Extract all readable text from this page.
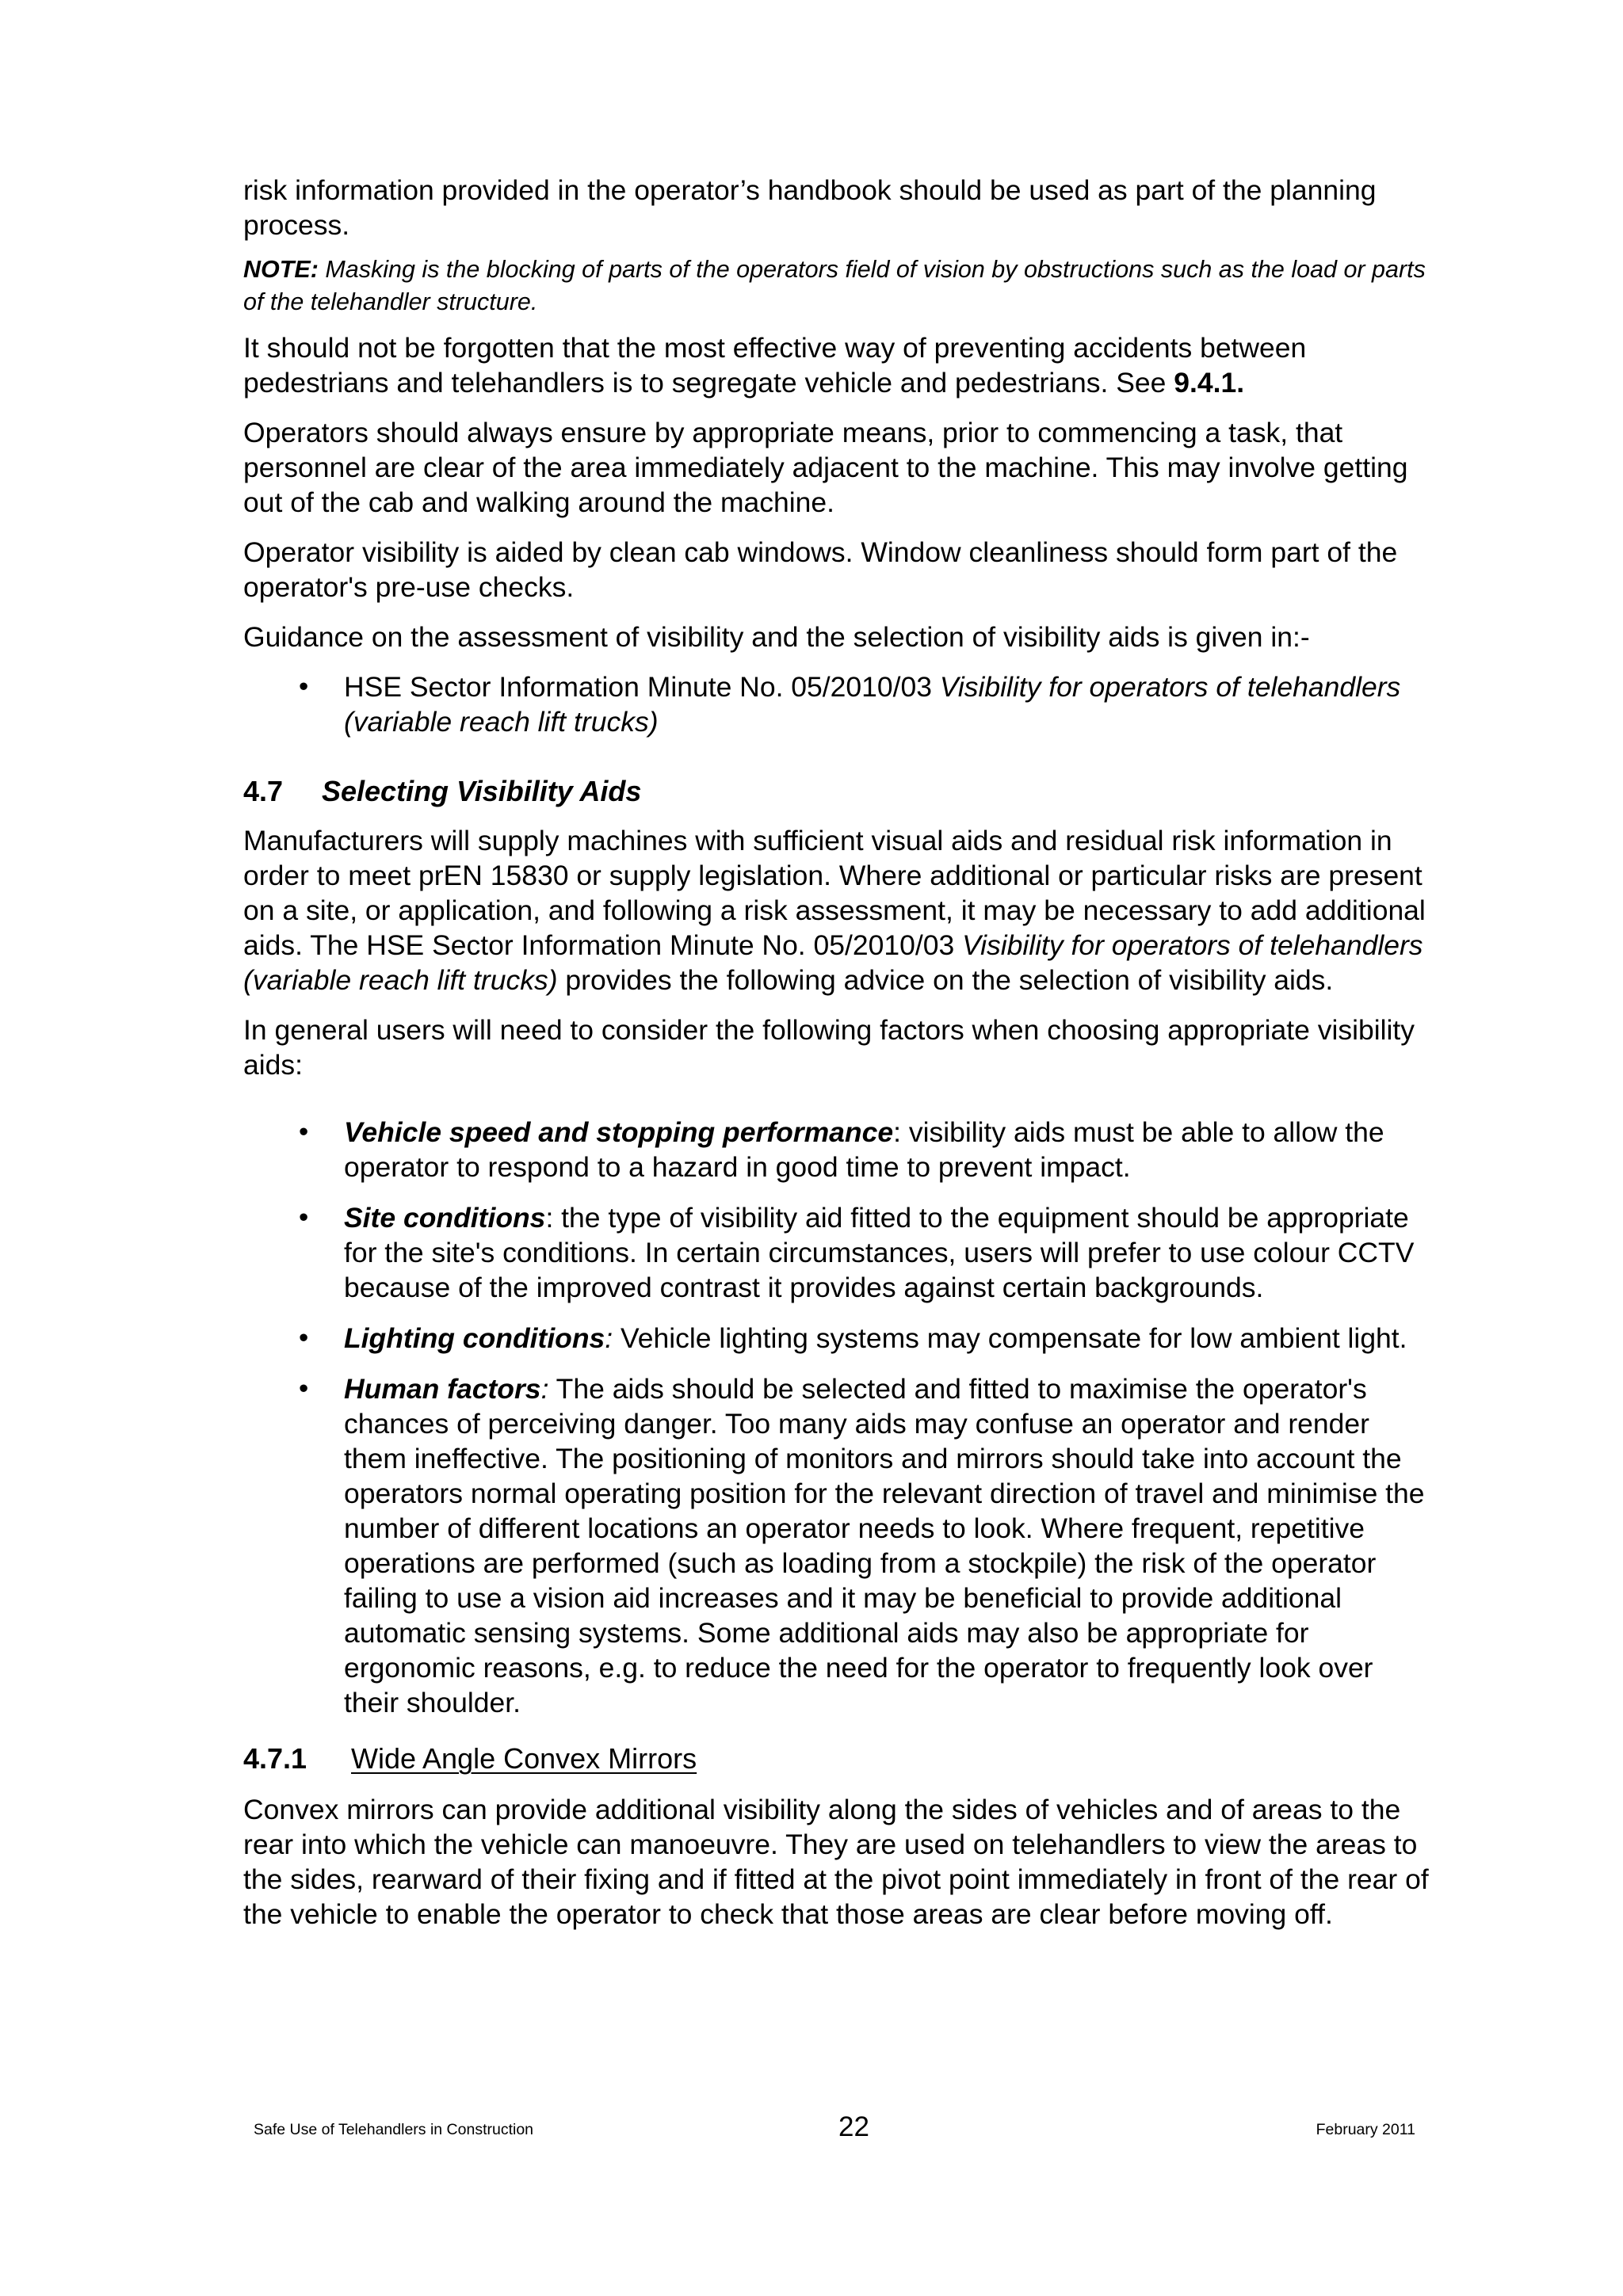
risk information provided in the operator’s handbook should be used as part of the planning process.

NOTE: Masking is the blocking of parts of the operators field of vision by obstructions such as the load or parts of the telehandler structure.

It should not be forgotten that the most effective way of preventing accidents between pedestrians and telehandlers is to segregate vehicle and pedestrians. See 9.4.1.

Operators should always ensure by appropriate means, prior to commencing a task, that personnel are clear of the area immediately adjacent to the machine. This may involve getting out of the cab and walking around the machine.

Operator visibility is aided by clean cab windows. Window cleanliness should form part of the operator's pre-use checks.

Guidance on the assessment of visibility and the selection of visibility aids is given in:-

• HSE Sector Information Minute No. 05/2010/03 Visibility for operators of telehandlers (variable reach lift trucks)
4.7 Selecting Visibility Aids

Manufacturers will supply machines with sufficient visual aids and residual risk information in order to meet prEN 15830 or supply legislation. Where additional or particular risks are present on a site, or application, and following a risk assessment, it may be necessary to add additional aids. The HSE Sector Information Minute No. 05/2010/03 Visibility for operators of telehandlers (variable reach lift trucks) provides the following advice on the selection of visibility aids.

In general users will need to consider the following factors when choosing appropriate visibility aids:

• Vehicle speed and stopping performance: visibility aids must be able to allow the operator to respond to a hazard in good time to prevent impact.
• Site conditions: the type of visibility aid fitted to the equipment should be appropriate for the site's conditions. In certain circumstances, users will prefer to use colour CCTV because of the improved contrast it provides against certain backgrounds.
• Lighting conditions: Vehicle lighting systems may compensate for low ambient light.
• Human factors: The aids should be selected and fitted to maximise the operator's chances of perceiving danger. Too many aids may confuse an operator and render them ineffective. The positioning of monitors and mirrors should take into account the operators normal operating position for the relevant direction of travel and minimise the number of different locations an operator needs to look. Where frequent, repetitive operations are performed (such as loading from a stockpile) the risk of the operator failing to use a vision aid increases and it may be beneficial to provide additional automatic sensing systems. Some additional aids may also be appropriate for ergonomic reasons, e.g. to reduce the need for the operator to frequently look over their shoulder.
4.7.1 Wide Angle Convex Mirrors

Convex mirrors can provide additional visibility along the sides of vehicles and of areas to the rear into which the vehicle can manoeuvre. They are used on telehandlers to view the areas to the sides, rearward of their fixing and if fitted at the pivot point immediately in front of the rear of the vehicle to enable the operator to check that those areas are clear before moving off.

Safe Use of Telehandlers in Construction	22	February 2011
